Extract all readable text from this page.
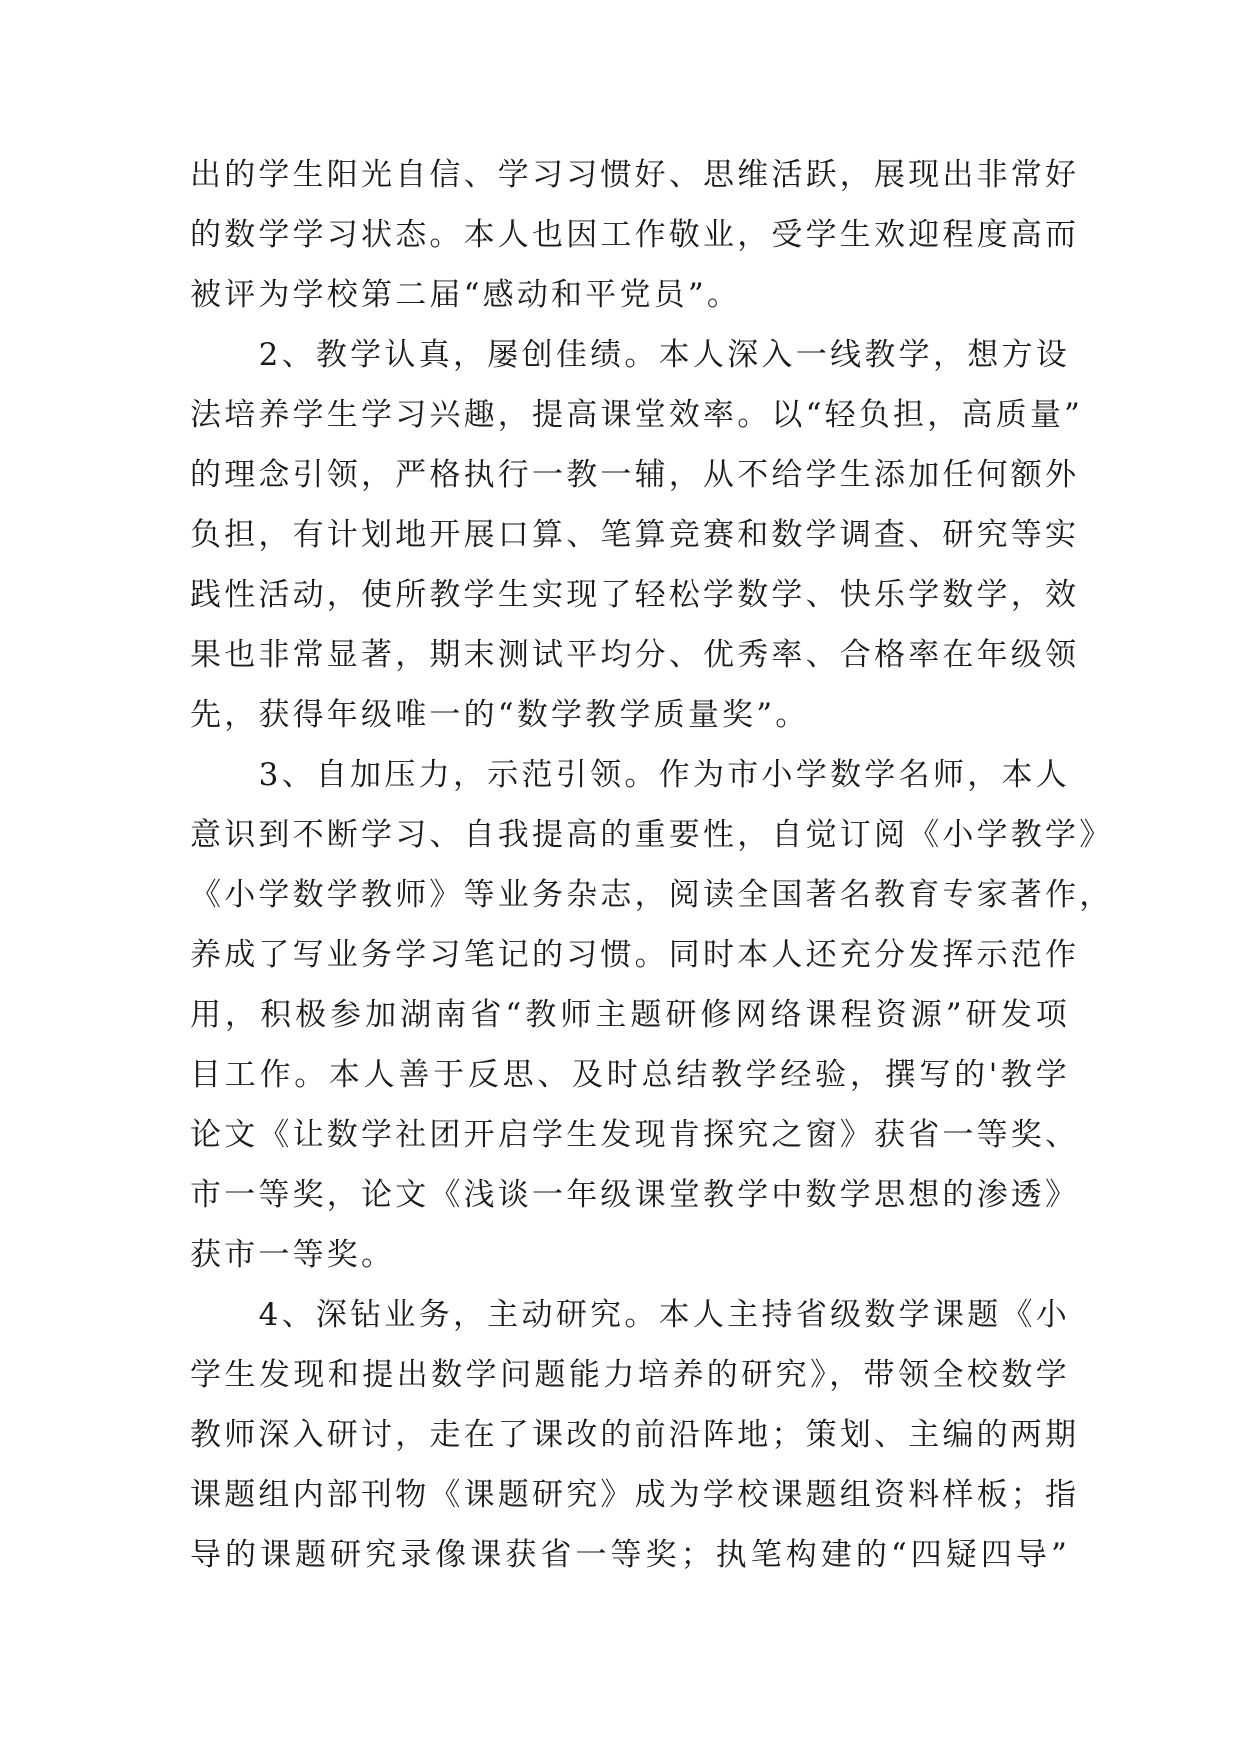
出的学生阳光自信、学习习惯好、思维活跃，展现出非常好
的数学学习状态。本人也因工作敬业，受学生欢迎程度高而
被评为学校第二届“感动和平党员”。
　　2、教学认真，屡创佳绩。本人深入一线教学，想方设
法培养学生学习兴趣，提高课堂效率。以“轻负担，高质量”
的理念引领，严格执行一教一辅，从不给学生添加任何额外
负担，有计划地开展口算、笔算竞赛和数学调查、研究等实
践性活动，使所教学生实现了轻松学数学、快乐学数学，效
果也非常显著，期末测试平均分、优秀率、合格率在年级领
先，获得年级唯一的“数学教学质量奖”。
　　3、自加压力，示范引领。作为市小学数学名师，本人
意识到不断学习、自我提高的重要性，自觉订阅《小学教学》
《小学数学教师》等业务杂志，阅读全国著名教育专家著作，
养成了写业务学习笔记的习惯。同时本人还充分发挥示范作
用，积极参加湖南省“教师主题研修网络课程资源”研发项
目工作。本人善于反思、及时总结教学经验，撰写的'教学
论文《让数学社团开启学生发现肯探究之窗》获省一等奖、
市一等奖，论文《浅谈一年级课堂教学中数学思想的渗透》
获市一等奖。
　　4、深钻业务，主动研究。本人主持省级数学课题《小
学生发现和提出数学问题能力培养的研究》，带领全校数学
教师深入研讨，走在了课改的前沿阵地；策划、主编的两期
课题组内部刊物《课题研究》成为学校课题组资料样板；指
导的课题研究录像课获省一等奖；执笔构建的“四疑四导”
